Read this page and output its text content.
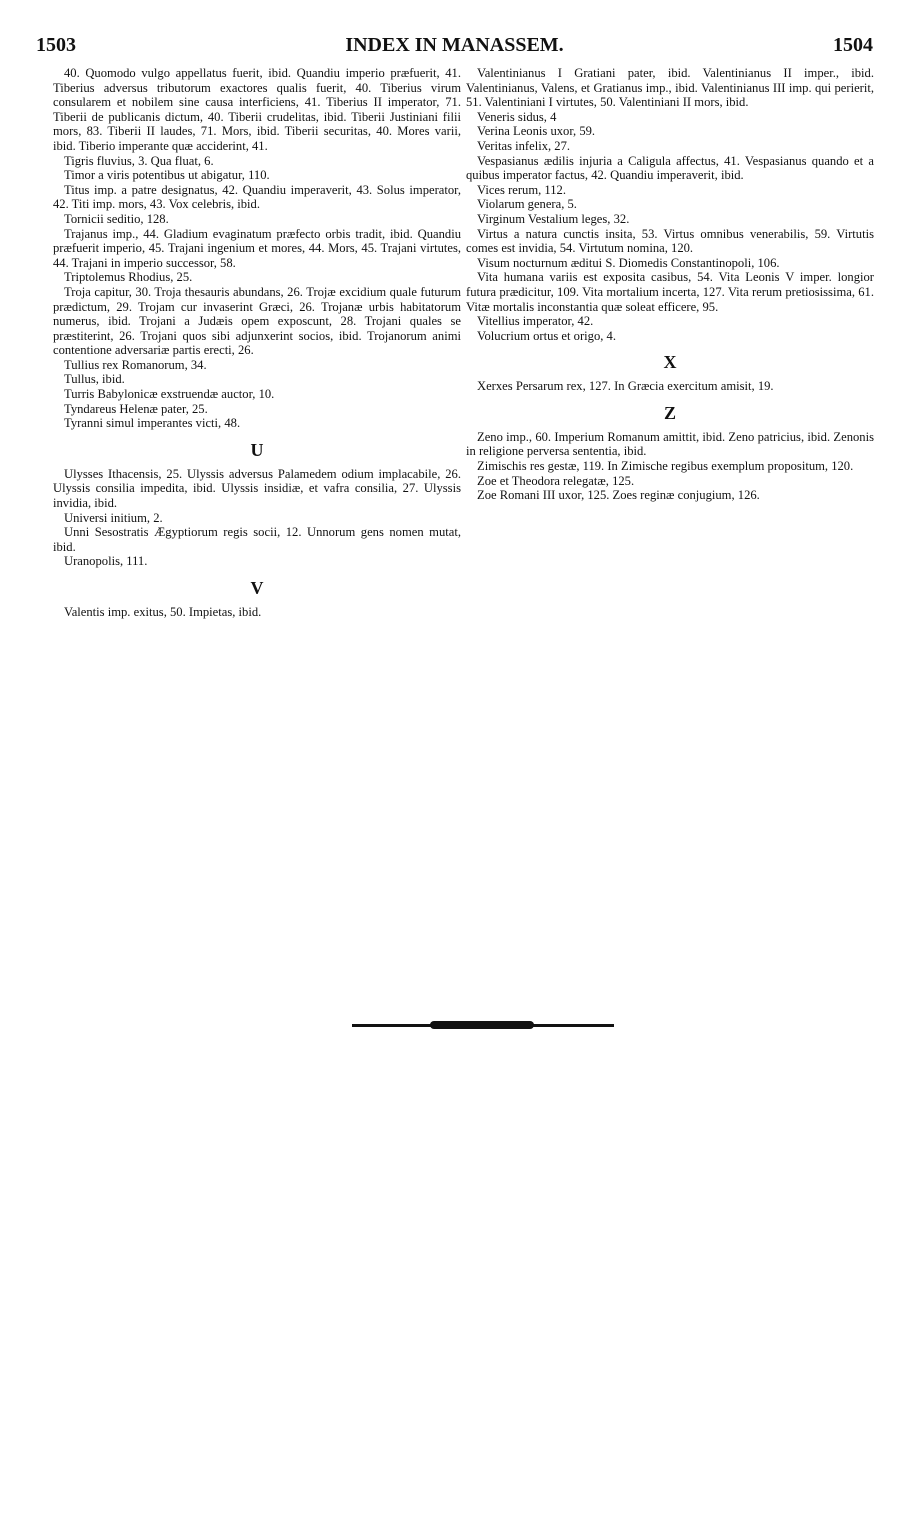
1503	INDEX IN MANASSEM.	1504

40. Quomodo vulgo appellatus fuerit, ibid. Quandiu imperio præfuerit, 41. Tiberius adversus tributorum exactores qualis fuerit, 40. Tiberius virum consularem et nobilem sine causa interficiens, 41. Tiberius II imperator, 71. Tiberii de publicanis dictum, 40. Tiberii crudelitas, ibid. Tiberii Justiniani filii mors, 83. Tiberii II laudes, 71. Mors, ibid. Tiberii securitas, 40. Mores varii, ibid. Tiberio imperante quæ acciderint, 41.

Tigris fluvius, 3. Qua fluat, 6.

Timor a viris potentibus ut abigatur, 110.

Titus imp. a patre designatus, 42. Quandiu imperaverit, 43. Solus imperator, 42. Titi imp. mors, 43. Vox celebris, ibid.

Tornicii seditio, 128.

Trajanus imp., 44. Gladium evaginatum præfecto orbis tradit, ibid. Quandiu præfuerit imperio, 45. Trajani ingenium et mores, 44. Mors, 45. Trajani virtutes, 44. Trajani in imperio successor, 58.

Triptolemus Rhodius, 25.

Troja capitur, 30. Troja thesauris abundans, 26. Trojæ excidium quale futurum prædictum, 29. Trojam cur invaserint Græci, 26. Trojanæ urbis habitatorum numerus, ibid. Trojani a Judæis opem exposcunt, 28. Trojani quales se præstiterint, 26. Trojani quos sibi adjunxerint socios, ibid. Trojanorum animi contentione adversariæ partis erecti, 26.

Tullius rex Romanorum, 34.

Tullus, ibid.

Turris Babylonicæ exstruendæ auctor, 10.

Tyndareus Helenæ pater, 25.

Tyranni simul imperantes victi, 48.

U

Ulysses Ithacensis, 25. Ulyssis adversus Palamedem odium implacabile, 26. Ulyssis consilia impedita, ibid. Ulyssis insidiæ, et vafra consilia, 27. Ulyssis invidia, ibid.

Universi initium, 2.

Unni Sesostratis Ægyptiorum regis socii, 12. Unnorum gens nomen mutat, ibid.

Uranopolis, 111.

V

Valentis imp. exitus, 50. Impietas, ibid.

Valentinianus I Gratiani pater, ibid. Valentinianus II imper., ibid. Valentinianus, Valens, et Gratianus imp., ibid. Valentinianus III imp. qui perierit, 51. Valentiniani I virtutes, 50. Valentiniani II mors, ibid.

Veneris sidus, 4

Verina Leonis uxor, 59.

Veritas infelix, 27.

Vespasianus ædilis injuria a Caligula affectus, 41. Vespasianus quando et a quibus imperator factus, 42. Quandiu imperaverit, ibid.

Vices rerum, 112.

Violarum genera, 5.

Virginum Vestalium leges, 32.

Virtus a natura cunctis insita, 53. Virtus omnibus venerabilis, 59. Virtutis comes est invidia, 54. Virtutum nomina, 120.

Visum nocturnum æditui S. Diomedis Constantinopoli, 106.

Vita humana variis est exposita casibus, 54. Vita Leonis V imper. longior futura prædicitur, 109. Vita mortalium incerta, 127. Vita rerum pretiosissima, 61. Vitæ mortalis inconstantia quæ soleat efficere, 95.

Vitellius imperator, 42.

Volucrium ortus et origo, 4.

X

Xerxes Persarum rex, 127. In Græcia exercitum amisit, 19.

Z

Zeno imp., 60. Imperium Romanum amittit, ibid. Zeno patricius, ibid. Zenonis in religione perversa sententia, ibid.

Zimischis res gestæ, 119. In Zimische regibus exemplum propositum, 120.

Zoe et Theodora relegatæ, 125.

Zoe Romani III uxor, 125. Zoes reginæ conjugium, 126.
